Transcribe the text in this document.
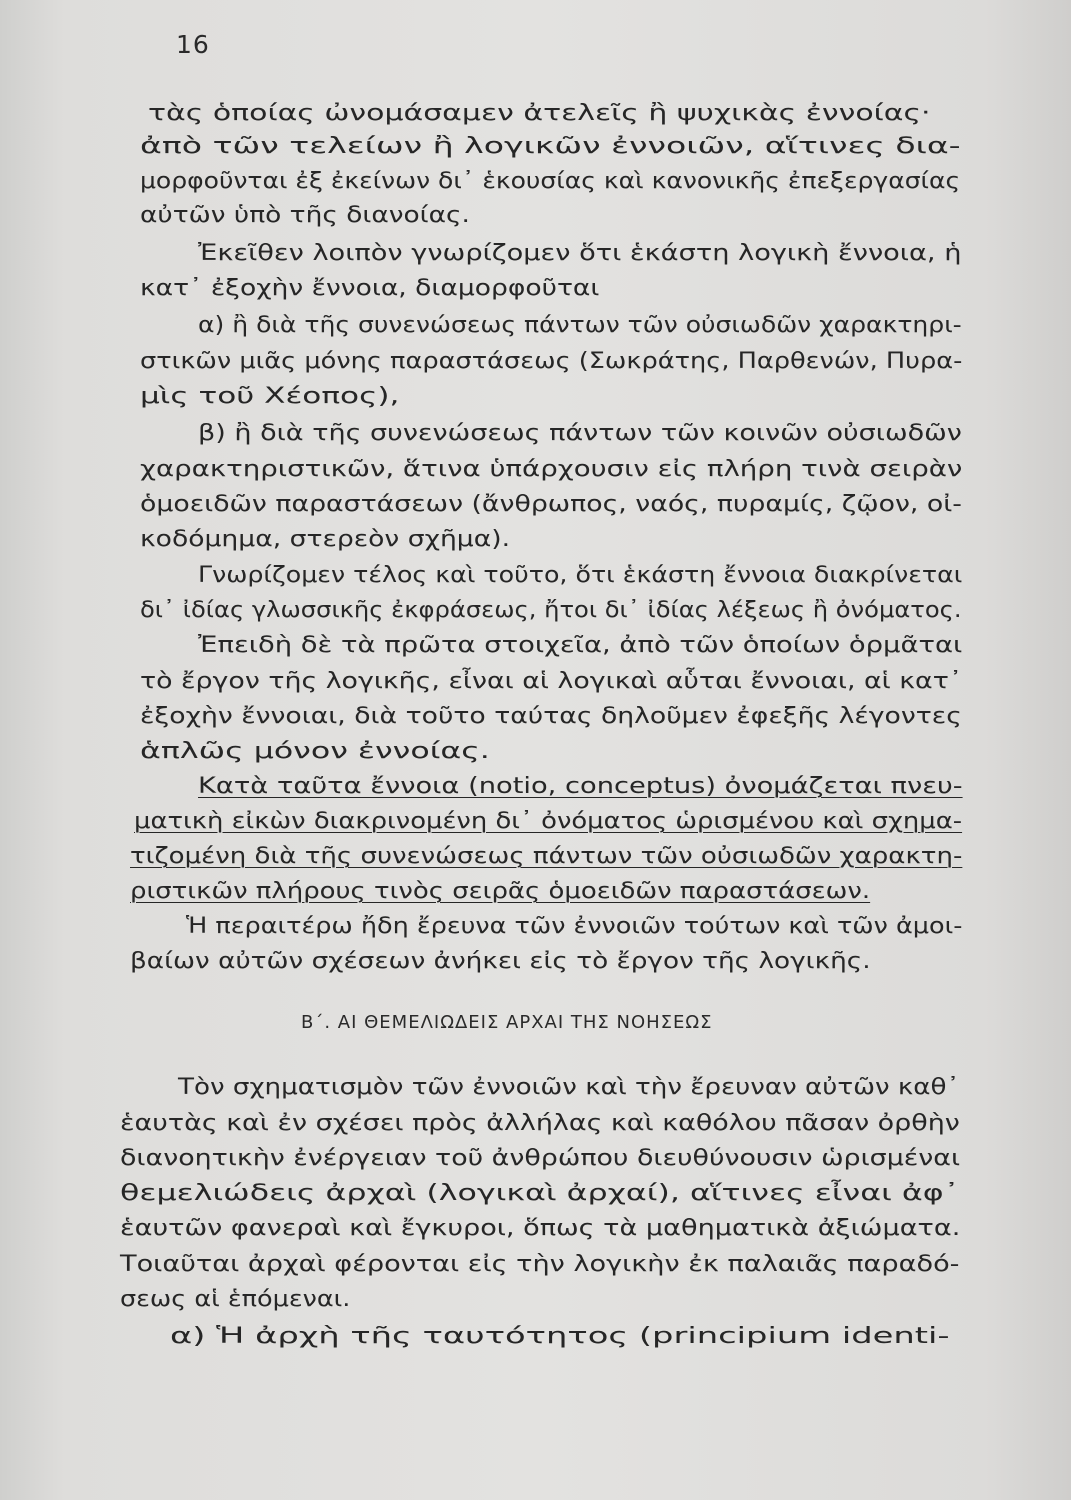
16
τὰς ὁποίας ὠνομάσαμεν ἀτελεῖς ἢ ψυχικὰς ἐννοίας·
ἀπὸ τῶν τελείων ἢ λογικῶν ἐννοιῶν, αἵτινες δια-
μορφοῦνται ἐξ ἐκείνων δι᾽ ἑκουσίας καὶ κανονικῆς ἐπεξεργασίας
αὐτῶν ὑπὸ τῆς διανοίας.
Ἐκεῖθεν λοιπὸν γνωρίζομεν ὅτι ἑκάστη λογικὴ ἔννοια, ἡ
κατ᾽ ἐξοχὴν ἔννοια, διαμορφοῦται
α) ἢ διὰ τῆς συνενώσεως πάντων τῶν οὐσιωδῶν χαρακτηρι-
στικῶν μιᾶς μόνης παραστάσεως (Σωκράτης, Παρθενών, Πυρα-
μὶς τοῦ Χέοπος),
β) ἢ διὰ τῆς συνενώσεως πάντων τῶν κοινῶν οὐσιωδῶν
χαρακτηριστικῶν, ἅτινα ὑπάρχουσιν εἰς πλήρη τινὰ σειρὰν
ὁμοειδῶν παραστάσεων (ἄνθρωπος, ναός, πυραμίς, ζῷον, οἰ-
κοδόμημα, στερεὸν σχῆμα).
Γνωρίζομεν τέλος καὶ τοῦτο, ὅτι ἑκάστη ἔννοια διακρίνεται
δι᾽ ἰδίας γλωσσικῆς ἐκφράσεως, ἤτοι δι᾽ ἰδίας λέξεως ἢ ὀνόματος.
Ἐπειδὴ δὲ τὰ πρῶτα στοιχεῖα, ἀπὸ τῶν ὁποίων ὁρμᾶται
τὸ ἔργον τῆς λογικῆς, εἶναι αἱ λογικαὶ αὗται ἔννοιαι, αἱ κατ᾽
ἐξοχὴν ἔννοιαι, διὰ τοῦτο ταύτας δηλοῦμεν ἐφεξῆς λέγοντες
ἁπλῶς μόνον ἐννοίας.
Κατὰ ταῦτα ἔννοια (notio, conceptus) ὀνομάζεται πνευ-
ματικὴ εἰκὼν διακρινομένη δι᾽ ὀνόματος ὡρισμένου καὶ σχημα-
τιζομένη διὰ τῆς συνενώσεως πάντων τῶν οὐσιωδῶν χαρακτη-
ριστικῶν πλήρους τινὸς σειρᾶς ὁμοειδῶν παραστάσεων.
Ἡ περαιτέρω ἤδη ἔρευνα τῶν ἐννοιῶν τούτων καὶ τῶν ἀμοι-
βαίων αὐτῶν σχέσεων ἀνήκει εἰς τὸ ἔργον τῆς λογικῆς.
Β΄. ΑΙ ΘΕΜΕΛΙΩΔΕΙΣ ΑΡΧΑΙ ΤΗΣ ΝΟΗΣΕΩΣ
Τὸν σχηματισμὸν τῶν ἐννοιῶν καὶ τὴν ἔρευναν αὐτῶν καθ᾽
ἑαυτὰς καὶ ἐν σχέσει πρὸς ἀλλήλας καὶ καθόλου πᾶσαν ὀρθὴν
διανοητικὴν ἐνέργειαν τοῦ ἀνθρώπου διευθύνουσιν ὡρισμέναι
θεμελιώδεις ἀρχαὶ (λογικαὶ ἀρχαί), αἵτινες εἶναι ἀφ᾽
ἑαυτῶν φανεραὶ καὶ ἔγκυροι, ὅπως τὰ μαθηματικὰ ἀξιώματα.
Τοιαῦται ἀρχαὶ φέρονται εἰς τὴν λογικὴν ἐκ παλαιᾶς παραδό-
σεως αἱ ἑπόμεναι.
α) Ἡ ἀρχὴ τῆς ταυτότητος (principium identi-
